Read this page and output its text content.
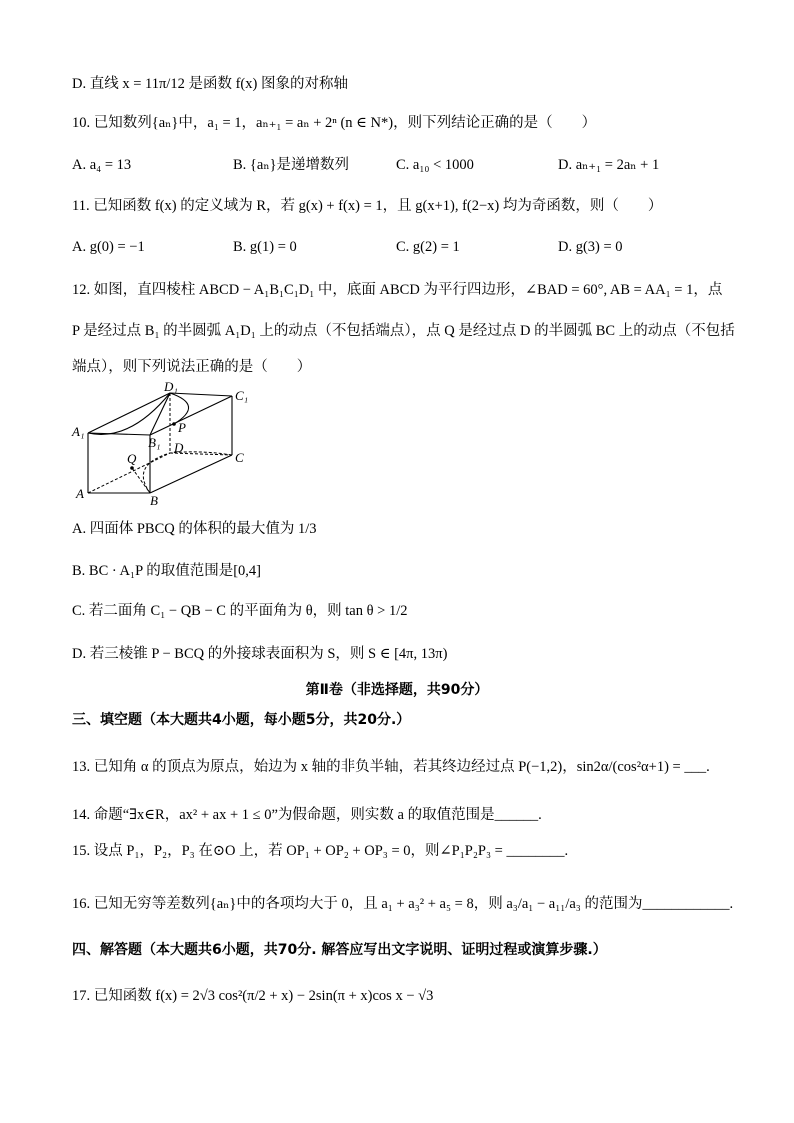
D. 直线 x = 11π/12 是函数 f(x) 图象的对称轴
10. 已知数列{aₙ}中，a₁ = 1，aₙ₊₁ = aₙ + 2ⁿ (n ∈ N*)，则下列结论正确的是（　　）
A. a₄ = 13	B. {aₙ}是递增数列	C. a₁₀ < 1000	D. aₙ₊₁ = 2aₙ + 1
11. 已知函数 f(x) 的定义域为 R，若 g(x) + f(x) = 1，且 g(x+1), f(2−x) 均为奇函数，则（　　）
A. g(0) = −1	B. g(1) = 0	C. g(2) = 1	D. g(3) = 0
12. 如图，直四棱柱 ABCD − A₁B₁C₁D₁ 中，底面 ABCD 为平行四边形，∠BAD = 60°, AB = AA₁ = 1，点
P 是经过点 B₁ 的半圆弧 A₁D₁ 上的动点（不包括端点），点 Q 是经过点 D 的半圆弧 BC 上的动点（不包括
端点），则下列说法正确的是（　　）
D₁
C₁
A₁
B₁
P
D
Q	C
A	B
A. 四面体 PBCQ 的体积的最大值为 1/3
B. BC · A₁P 的取值范围是[0,4]
C. 若二面角 C₁ − QB − C 的平面角为 θ，则 tan θ > 1/2
D. 若三棱锥 P − BCQ 的外接球表面积为 S，则 S ∈ [4π, 13π)
第Ⅱ卷（非选择题，共90分）
三、填空题（本大题共4小题，每小题5分，共20分.）
13. 已知角 α 的顶点为原点，始边为 x 轴的非负半轴，若其终边经过点 P(−1,2)，sin2α/(cos²α+1) = ___.
14. 命题“∃x∈R，ax² + ax + 1 ≤ 0”为假命题，则实数 a 的取值范围是______.
15. 设点 P₁，P₂，P₃ 在⊙O 上，若 OP₁ + OP₂ + OP₃ = 0，则∠P₁P₂P₃ = ________.
16. 已知无穷等差数列{aₙ}中的各项均大于 0，且 a₁ + a₃² + a₅ = 8，则 a₃/a₁ − a₁₁/a₃ 的范围为____________.
四、解答题（本大题共6小题，共70分. 解答应写出文字说明、证明过程或演算步骤.）
17. 已知函数 f(x) = 2√3 cos²(π/2 + x) − 2sin(π + x)cos x − √3
